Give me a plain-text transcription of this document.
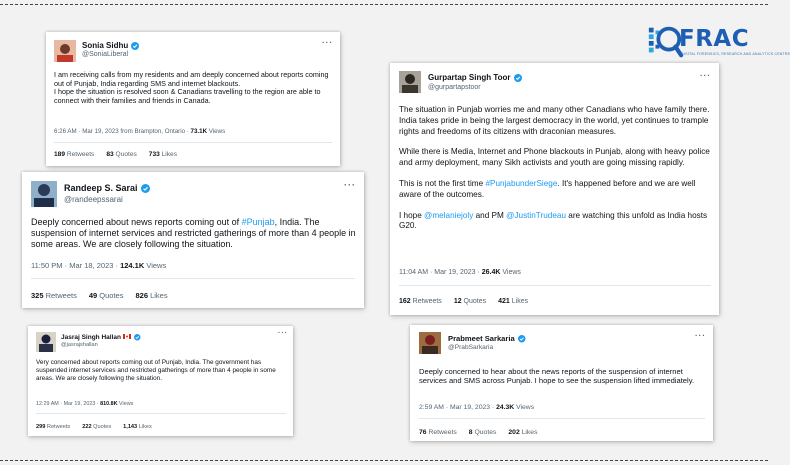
FRAC
DIGITAL FORENSICS, RESEARCH AND ANALYTICS CENTRE
Sonia Sidhu
@SoniaLiberal
···

I am receiving calls from my residents and am deeply concerned about reports coming out of Punjab, India regarding SMS and internet blackouts.

I hope the situation is resolved soon & Canadians travelling to the region are able to connect with their families and friends in Canada.

6:26 AM · Mar 19, 2023 from Brampton, Ontario · 73.1K Views
189 Retweets 83 Quotes 733 Likes
Randeep S. Sarai
@randeepssarai
···

Deeply concerned about news reports coming out of #Punjab, India. The suspension of internet services and restricted gatherings of more than 4 people in some areas. We are closely following the situation.

11:50 PM · Mar 18, 2023 · 124.1K Views
325 Retweets 49 Quotes 826 Likes
Jasraj Singh Hallan
@jasrajshallan
···

Very concerned about reports coming out of Punjab, India. The government has suspended internet services and restricted gatherings of more than 4 people in some areas. We are closely following the situation.

12:29 AM · Mar 19, 2023 · 810.8K Views
299 Retweets 222 Quotes 1,143 Likes
Gurpartap Singh Toor
@gurpartapstoor
···

The situation in Punjab worries me and many other Canadians who have family there. India takes pride in being the largest democracy in the world, yet continues to trample rights and freedoms of its citizens with draconian measures.

While there is Media, Internet and Phone blackouts in Punjab, along with heavy police and army deployment, many Sikh activists and youth are going missing rapidly.

This is not the first time #PunjabunderSiege. It's happened before and we are well aware of the outcomes.

I hope @melaniejoly and PM @JustinTrudeau are watching this unfold as India hosts G20.

11:04 AM · Mar 19, 2023 · 26.4K Views
162 Retweets 12 Quotes 421 Likes
Prabmeet Sarkaria
@PrabSarkaria
···

Deeply concerned to hear about the news reports of the suspension of internet services and SMS across Punjab. I hope to see the suspension lifted immediately.

2:59 AM · Mar 19, 2023 · 24.3K Views
76 Retweets 8 Quotes 202 Likes
